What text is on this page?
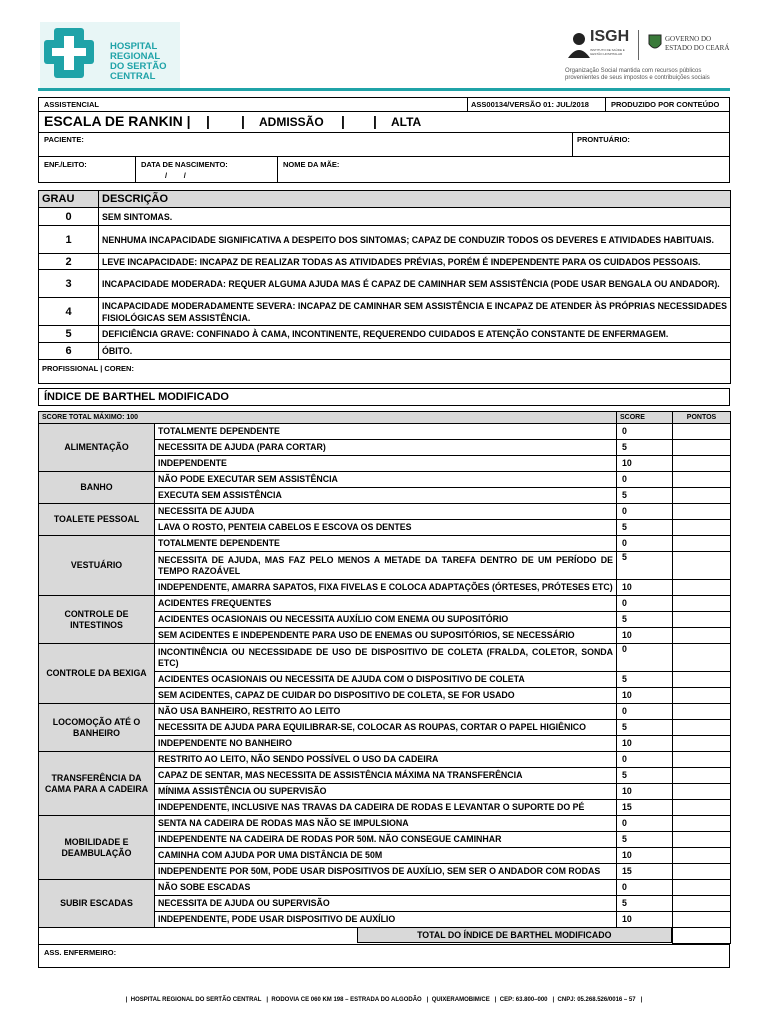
HOSPITAL
REGIONAL
DO SERTÃO
CENTRAL
ISGH
INSTITUTO DE SAÚDE E GESTÃO HOSPITALAR
GOVERNO DO
ESTADO DO CEARÁ
Organização Social mantida com recursos públicos provenientes de seus impostos e contribuições sociais
ASSISTENCIAL	ASS00134/VERSÃO 01: JUL/2018	PRODUZIDO POR CONTEÚDO
ESCALA DE RANKIN | | | ADMISSÃO | | ALTA
PACIENTE:	PRONTUÁRIO:
ENF./LEITO:	DATA DE NASCIMENTO:
/        /
NOME DA MÃE:
GRAU	DESCRIÇÃO
0	SEM SINTOMAS.
1	NENHUMA INCAPACIDADE SIGNIFICATIVA A DESPEITO DOS SINTOMAS; CAPAZ DE CONDUZIR TODOS OS DEVERES E ATIVIDADES HABITUAIS.
2	LEVE INCAPACIDADE: INCAPAZ DE REALIZAR TODAS AS ATIVIDADES PRÉVIAS, PORÉM É INDEPENDENTE PARA OS CUIDADOS PESSOAIS.
3	INCAPACIDADE MODERADA: REQUER ALGUMA AJUDA MAS É CAPAZ DE CAMINHAR SEM ASSISTÊNCIA (PODE USAR BENGALA OU ANDADOR).
4	INCAPACIDADE MODERADAMENTE SEVERA: INCAPAZ DE CAMINHAR SEM ASSISTÊNCIA E INCAPAZ DE ATENDER ÀS PRÓPRIAS NECESSIDADES FISIOLÓGICAS SEM ASSISTÊNCIA.
5	DEFICIÊNCIA GRAVE: CONFINADO À CAMA, INCONTINENTE, REQUERENDO CUIDADOS E ATENÇÃO CONSTANTE DE ENFERMAGEM.
6	ÓBITO.
PROFISSIONAL | COREN:	
ÍNDICE DE BARTHEL MODIFICADO
SCORE TOTAL MÁXIMO: 100		SCORE	PONTOS
ALIMENTAÇÃO	TOTALMENTE DEPENDENTE	0	
	NECESSITA DE AJUDA (PARA CORTAR)	5	
	INDEPENDENTE	10	
BANHO	NÃO PODE EXECUTAR SEM ASSISTÊNCIA	0	
	EXECUTA SEM ASSISTÊNCIA	5	
TOALETE PESSOAL	NECESSITA DE AJUDA	0	
	LAVA O ROSTO, PENTEIA CABELOS E ESCOVA OS DENTES	5	
VESTUÁRIO	TOTALMENTE DEPENDENTE	0	
	NECESSITA DE AJUDA, MAS FAZ PELO MENOS A METADE DA TAREFA DENTRO DE UM PERÍODO DE TEMPO RAZOÁVEL	5	
	INDEPENDENTE, AMARRA SAPATOS, FIXA FIVELAS E COLOCA ADAPTAÇÕES (ÓRTESES, PRÓTESES ETC)	10	
CONTROLE DE INTESTINOS	ACIDENTES FREQUENTES	0	
	ACIDENTES OCASIONAIS OU NECESSITA AUXÍLIO COM ENEMA OU SUPOSITÓRIO	5	
	SEM ACIDENTES E INDEPENDENTE PARA USO DE ENEMAS OU SUPOSITÓRIOS, SE NECESSÁRIO	10	
CONTROLE DA BEXIGA	INCONTINÊNCIA OU NECESSIDADE DE USO DE DISPOSITIVO DE COLETA (FRALDA, COLETOR, SONDA ETC)	0	
	ACIDENTES OCASIONAIS OU NECESSITA DE AJUDA COM O DISPOSITIVO DE COLETA	5	
	SEM ACIDENTES, CAPAZ DE CUIDAR DO DISPOSITIVO DE COLETA, SE FOR USADO	10	
LOCOMOÇÃO ATÉ O BANHEIRO	NÃO USA BANHEIRO, RESTRITO AO LEITO	0	
	NECESSITA DE AJUDA PARA EQUILIBRAR-SE, COLOCAR AS ROUPAS, CORTAR O PAPEL HIGIÊNICO	5	
	INDEPENDENTE NO BANHEIRO	10	
TRANSFERÊNCIA DA CAMA PARA A CADEIRA	RESTRITO AO LEITO, NÃO SENDO POSSÍVEL O USO DA CADEIRA	0	
	CAPAZ DE SENTAR, MAS NECESSITA DE ASSISTÊNCIA MÁXIMA NA TRANSFERÊNCIA	5	
	MÍNIMA ASSISTÊNCIA OU SUPERVISÃO	10	
	INDEPENDENTE, INCLUSIVE NAS TRAVAS DA CADEIRA DE RODAS E LEVANTAR O SUPORTE DO PÉ	15	
MOBILIDADE E DEAMBULAÇÃO	SENTA NA CADEIRA DE RODAS MAS NÃO SE IMPULSIONA	0	
	INDEPENDENTE NA CADEIRA DE RODAS POR 50M. NÃO CONSEGUE CAMINHAR	5	
	CAMINHA COM AJUDA POR UMA DISTÂNCIA DE 50M	10	
	INDEPENDENTE POR 50M, PODE USAR DISPOSITIVOS DE AUXÍLIO, SEM SER O ANDADOR COM RODAS	15	
SUBIR ESCADAS	NÃO SOBE ESCADAS	0	
	NECESSITA DE AJUDA OU SUPERVISÃO	5	
	INDEPENDENTE, PODE USAR DISPOSITIVO DE AUXÍLIO	10	

	TOTAL DO ÍNDICE DE BARTHEL MODIFICADO		

ASS. ENFERMEIRO:
|  HOSPITAL REGIONAL DO SERTÃO CENTRAL   |  RODOVIA CE 060 KM 198 – ESTRADA DO ALGODÃO   |  QUIXERAMOBIM/CE   |  CEP: 63.800–000   |  CNPJ: 05.268.526/0016 – 57   |
